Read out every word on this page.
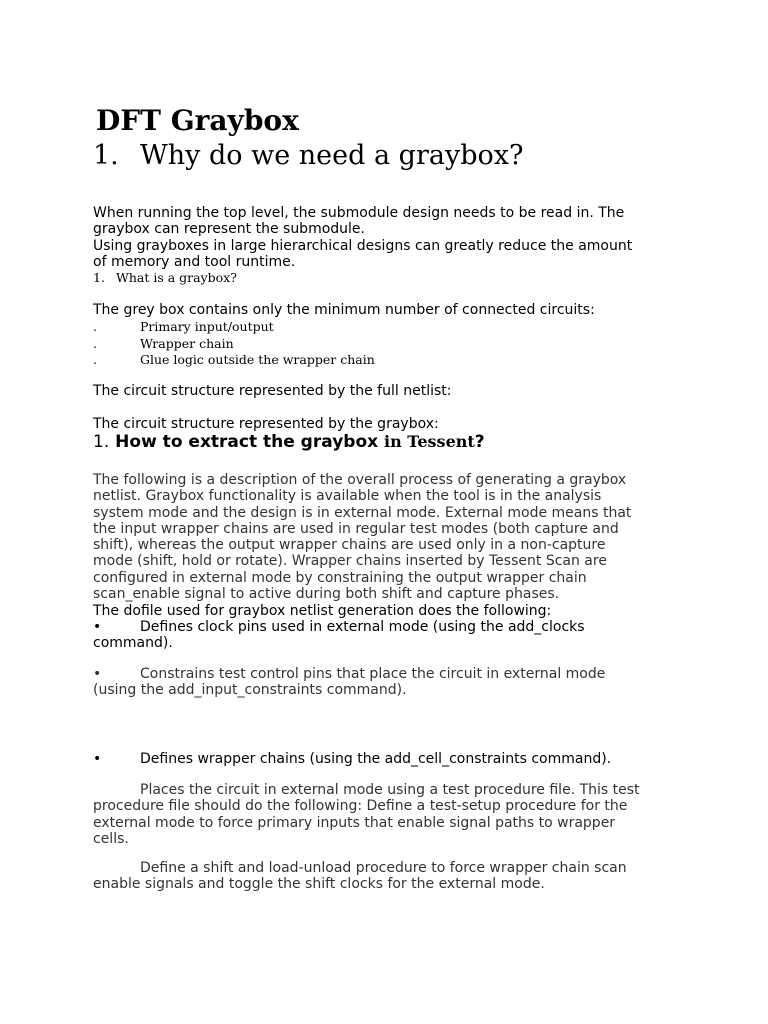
DFT Graybox
1. Why do we need a graybox?
When running the top level, the submodule design needs to be read in. The
graybox can represent the submodule.
Using grayboxes in large hierarchical designs can greatly reduce the amount
of memory and tool runtime.
1. What is a graybox?
The grey box contains only the minimum number of connected circuits:
.	Primary input/output
.	Wrapper chain
.	Glue logic outside the wrapper chain
The circuit structure represented by the full netlist:
The circuit structure represented by the graybox:
1. How to extract the graybox in Tessent?
The following is a description of the overall process of generating a graybox
netlist. Graybox functionality is available when the tool is in the analysis
system mode and the design is in external mode. External mode means that
the input wrapper chains are used in regular test modes (both capture and
shift), whereas the output wrapper chains are used only in a non-capture
mode (shift, hold or rotate). Wrapper chains inserted by Tessent Scan are
configured in external mode by constraining the output wrapper chain
scan_enable signal to active during both shift and capture phases.
The dofile used for graybox netlist generation does the following:
•	Defines clock pins used in external mode (using the add_clocks
command).
•	Constrains test control pins that place the circuit in external mode
(using the add_input_constraints command).
•	Defines wrapper chains (using the add_cell_constraints command).
Places the circuit in external mode using a test procedure file. This test
procedure file should do the following: Define a test-setup procedure for the
external mode to force primary inputs that enable signal paths to wrapper
cells.
Define a shift and load-unload procedure to force wrapper chain scan
enable signals and toggle the shift clocks for the external mode.
